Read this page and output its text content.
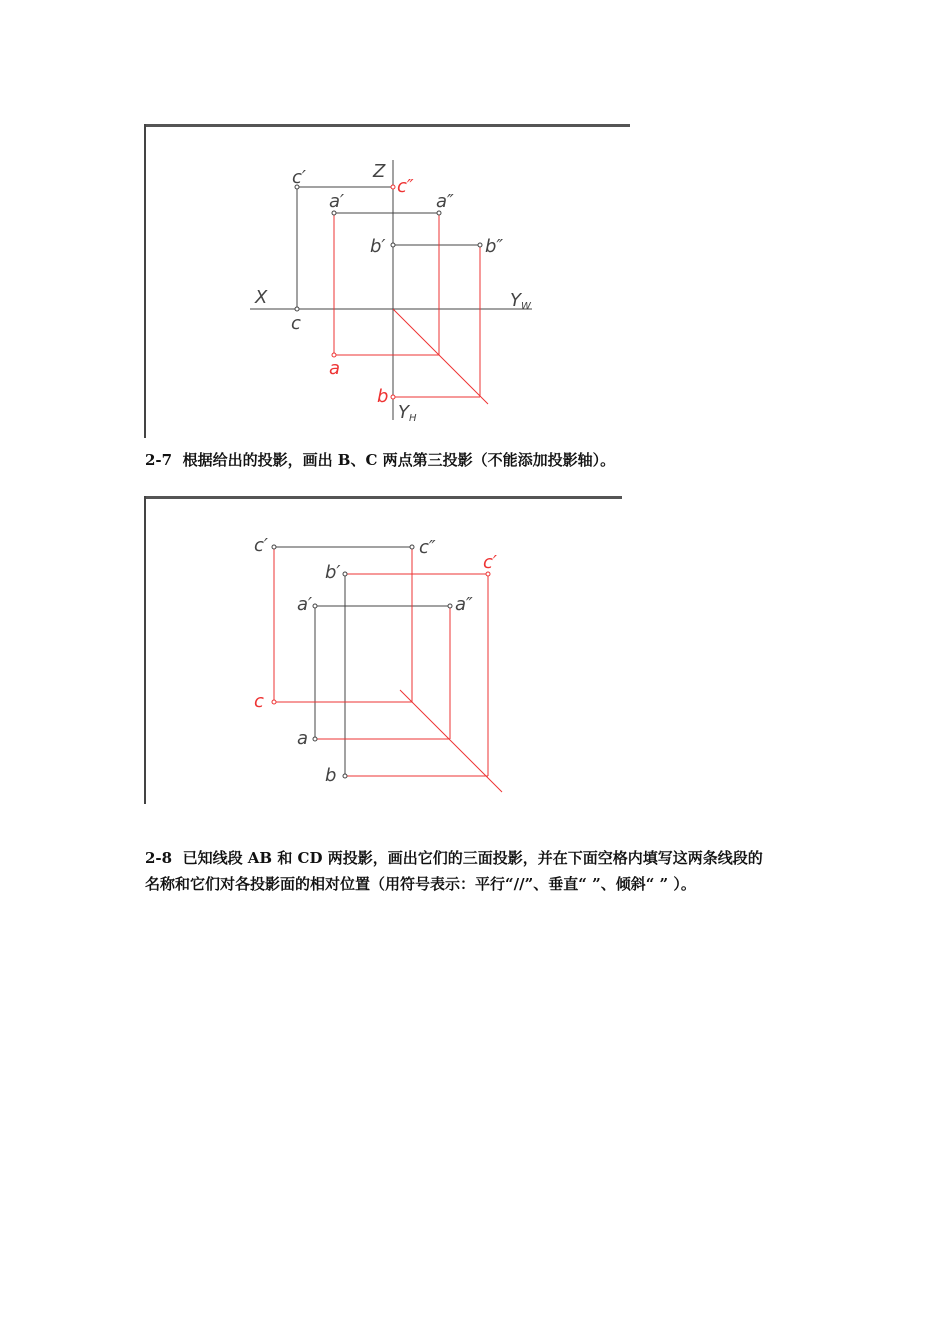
c′	Z
c″
a′	a″
b′	b″
X	YW
c
a
b
YH
2-7 根据给出的投影，画出 B、C 两点第三投影（不能添加投影轴）。
c′	c″
b′	c′
a′	a″
c
a
b
2-8 已知线段 AB 和 CD 两投影，画出它们的三面投影，并在下面空格内填写这两条线段的
名称和它们对各投影面的相对位置（用符号表示：平行“//”、垂直“ ”、倾斜“ ” ）。
